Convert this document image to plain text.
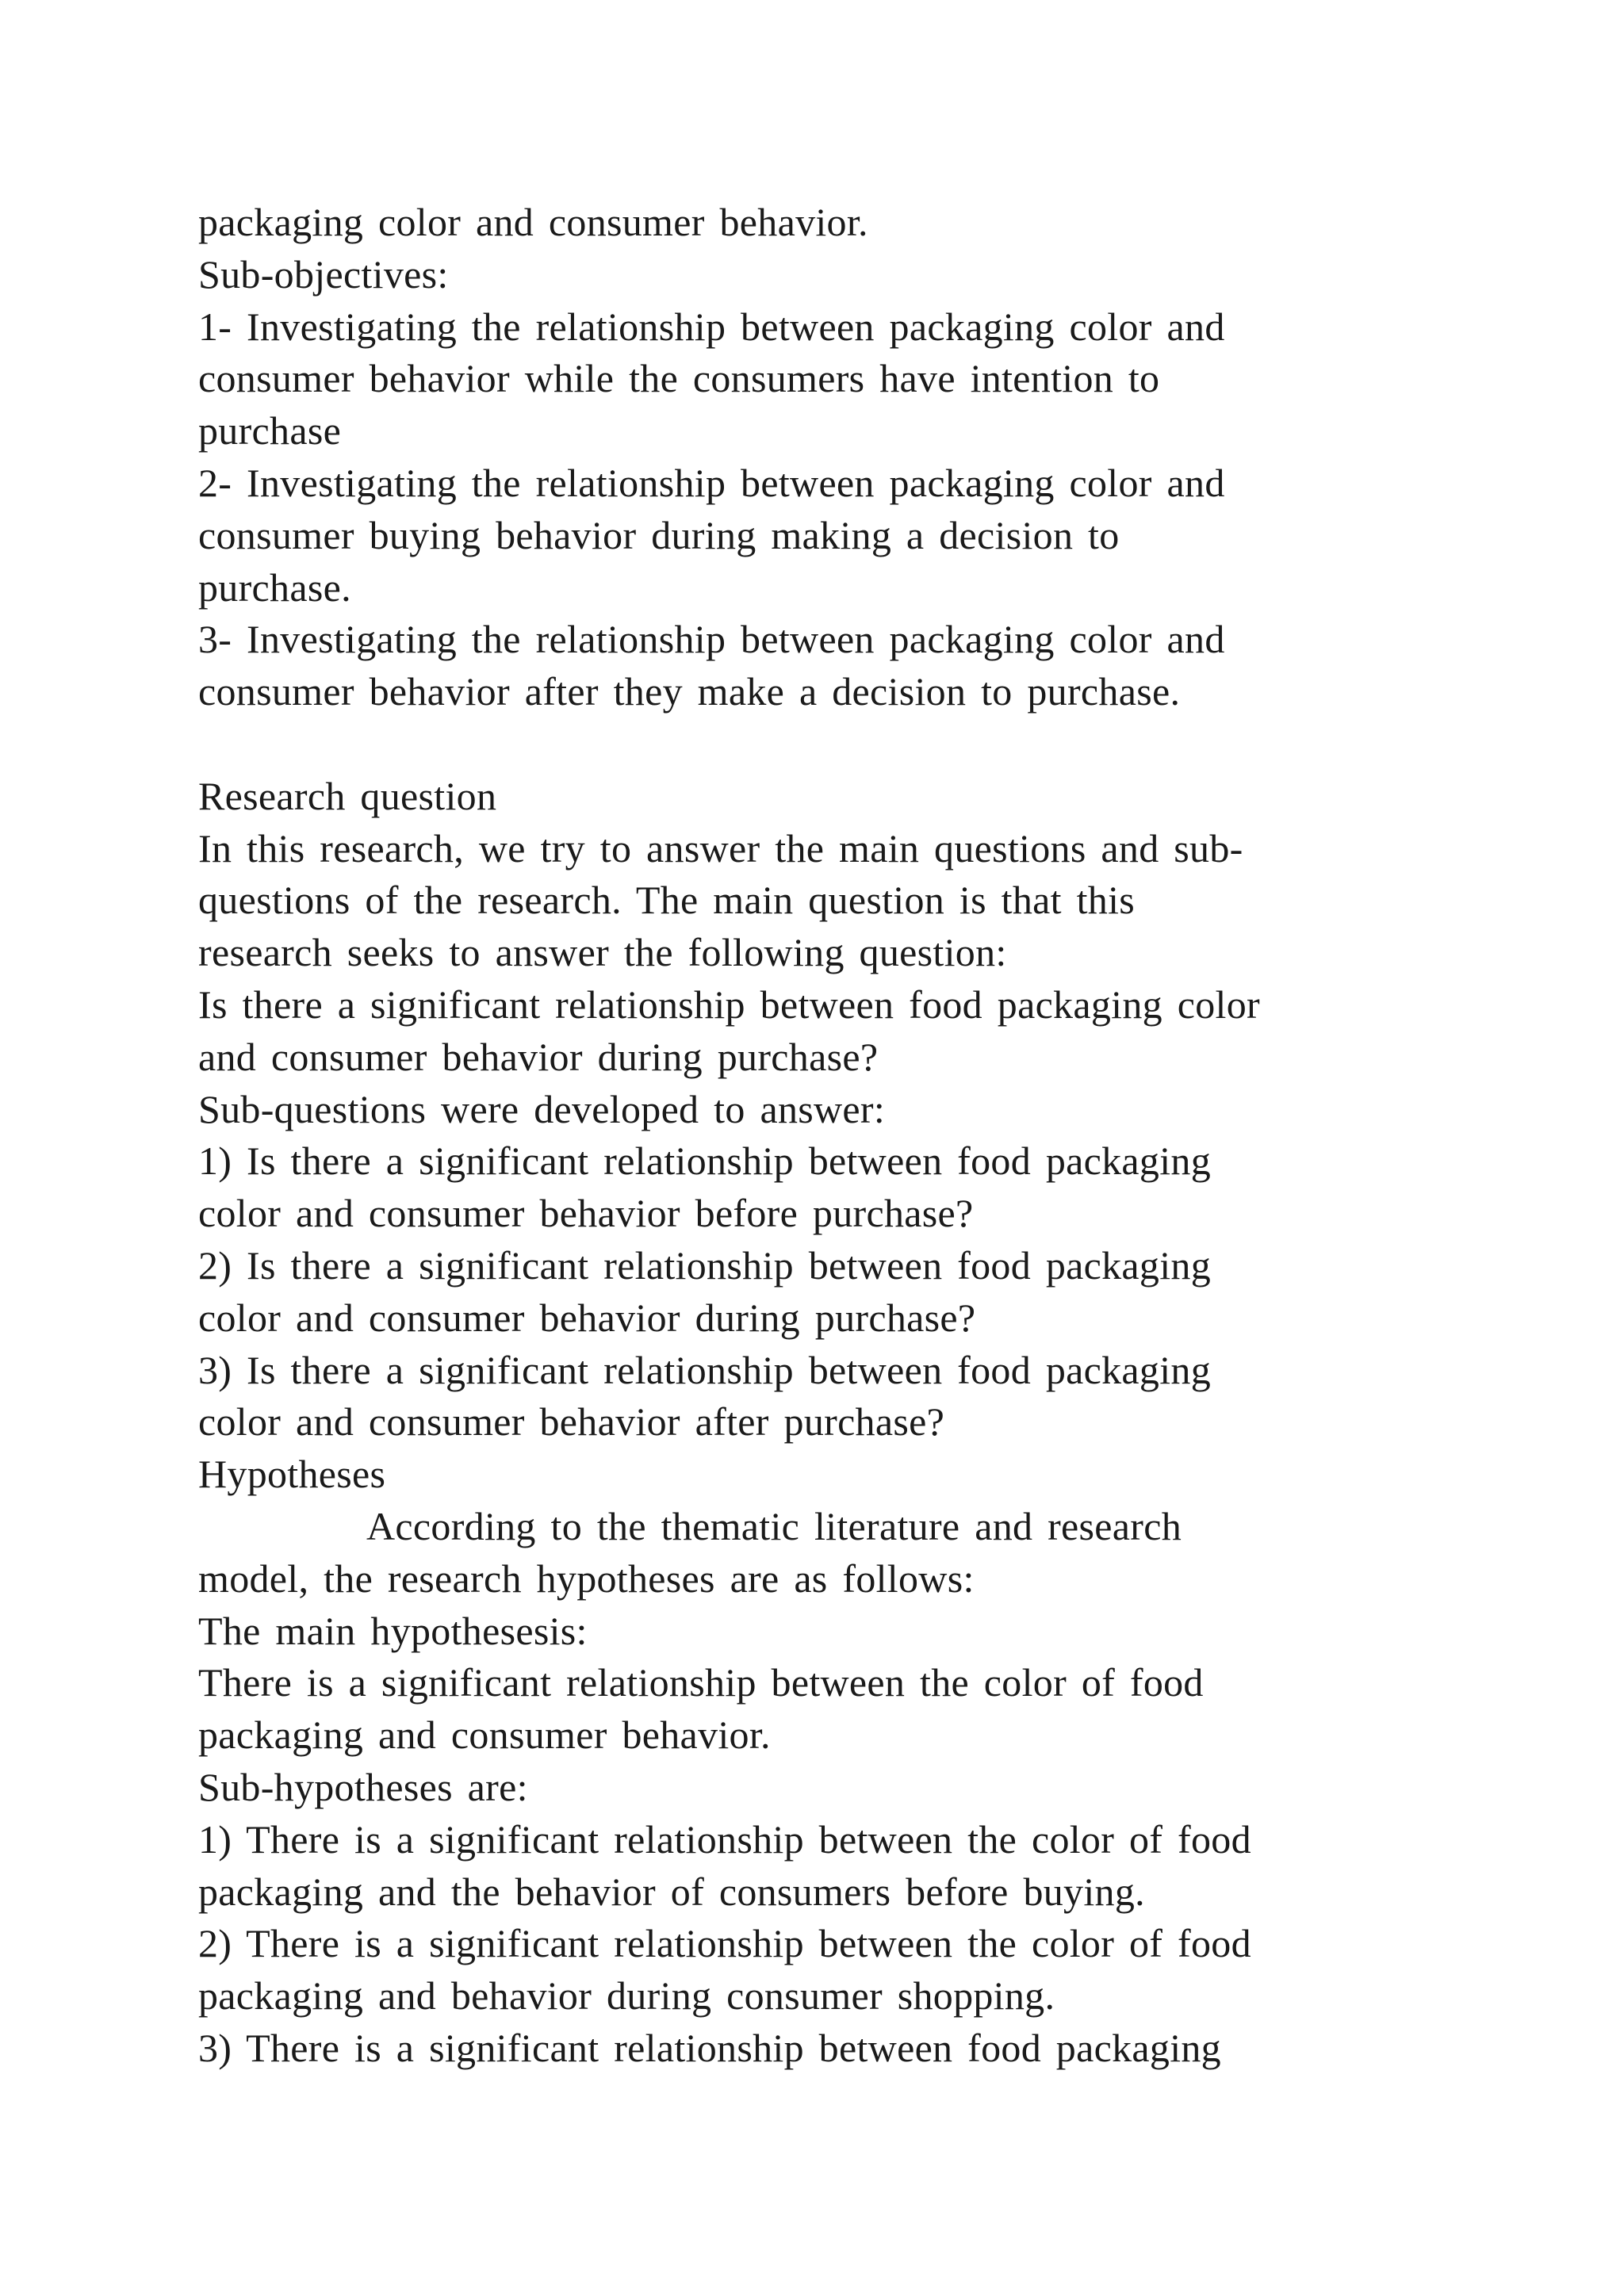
packaging color and consumer behavior.
Sub-objectives:
1- Investigating the relationship between packaging color and
consumer behavior while the consumers have intention to
purchase
2- Investigating the relationship between packaging color and
consumer buying behavior during making a decision to
purchase.
3- Investigating the relationship between packaging color and
consumer behavior after they make a decision to purchase.
Research question
In this research, we try to answer the main questions and sub-
questions of the research. The main question is that this
research seeks to answer the following question:
Is there a significant relationship between food packaging color
and consumer behavior during purchase?
Sub-questions were developed to answer:
1) Is there a significant relationship between food packaging
color and consumer behavior before purchase?
2) Is there a significant relationship between food packaging
color and consumer behavior during purchase?
3) Is there a significant relationship between food packaging
color and consumer behavior after purchase?
Hypotheses
According to the thematic literature and research
model, the research hypotheses are as follows:
The main hypothesesis:
There is a significant relationship between the color of food
packaging and consumer behavior.
Sub-hypotheses are:
1) There is a significant relationship between the color of food
packaging and the behavior of consumers before buying.
2) There is a significant relationship between the color of food
packaging and behavior during consumer shopping.
3) There is a significant relationship between food packaging
